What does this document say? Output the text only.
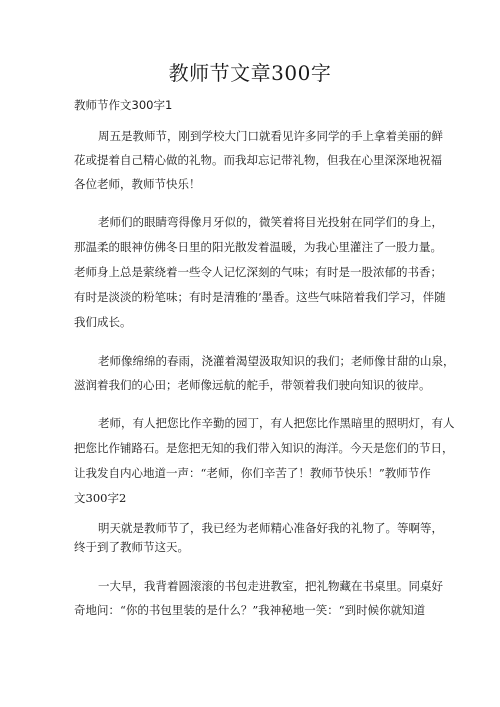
教师节文章300字
教师节作文300字1
周五是教师节，刚到学校大门口就看见许多同学的手上拿着美丽的鲜
花或提着自己精心做的礼物。而我却忘记带礼物，但我在心里深深地祝福
各位老师，教师节快乐！
老师们的眼睛弯得像月牙似的，微笑着将目光投射在同学们的身上，
那温柔的眼神仿佛冬日里的阳光散发着温暖，为我心里灌注了一股力量。
老师身上总是萦绕着一些令人记忆深刻的气味；有时是一股浓郁的书香；
有时是淡淡的粉笔味；有时是清雅的’墨香。这些气味陪着我们学习，伴随
我们成长。
老师像绵绵的春雨，浇灌着渴望汲取知识的我们；老师像甘甜的山泉，
滋润着我们的心田；老师像远航的舵手，带领着我们驶向知识的彼岸。
老师，有人把您比作辛勤的园丁，有人把您比作黑暗里的照明灯，有人
把您比作铺路石。是您把无知的我们带入知识的海洋。今天是您们的节日，
让我发自内心地道一声：“老师，你们辛苦了！教师节快乐！”教师节作
文300字2
明天就是教师节了，我已经为老师精心准备好我的礼物了。等啊等，
终于到了教师节这天。
一大早，我背着圆滚滚的书包走进教室，把礼物藏在书桌里。同桌好
奇地问：“你的书包里装的是什么？”我神秘地一笑：“到时候你就知道
